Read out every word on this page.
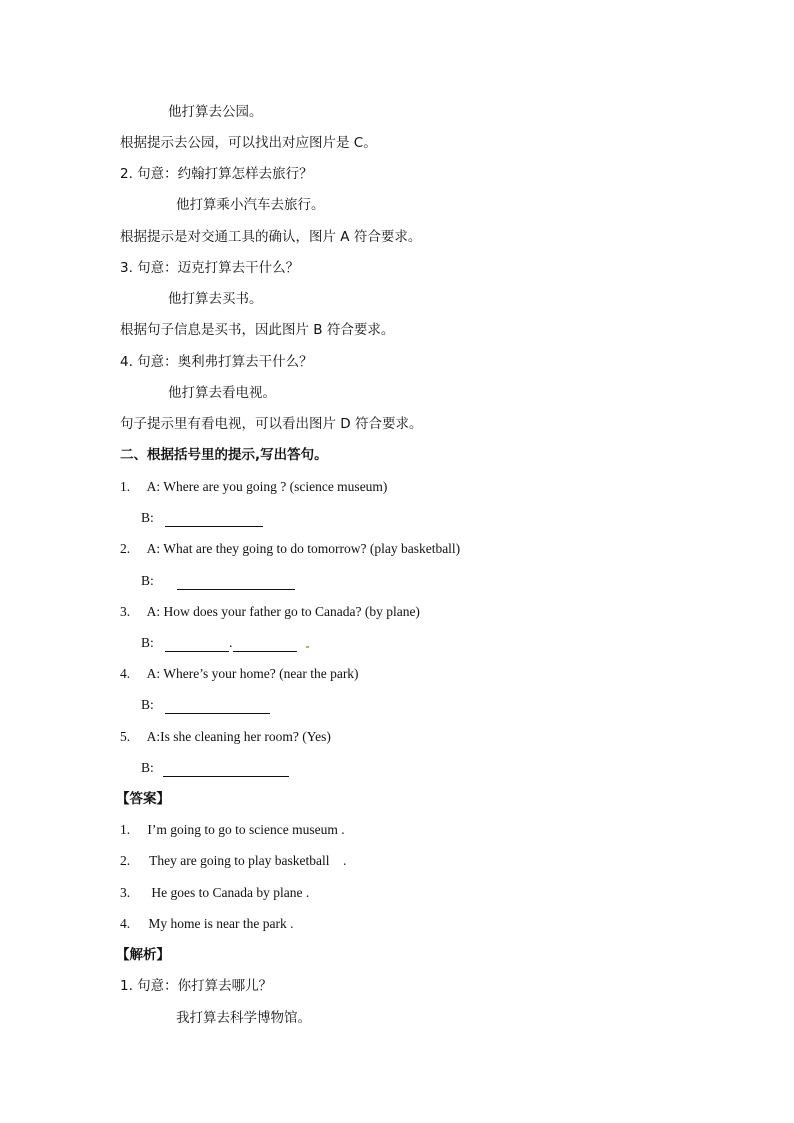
他打算去公园。
根据提示去公园，可以找出对应图片是 C。
2. 句意：约翰打算怎样去旅行？
他打算乘小汽车去旅行。
根据提示是对交通工具的确认，图片 A 符合要求。
3. 句意：迈克打算去干什么？
他打算去买书。
根据句子信息是买书，因此图片 B 符合要求。
4. 句意：奥利弗打算去干什么？
他打算去看电视。
句子提示里有看电视，可以看出图片 D 符合要求。
二、根据括号里的提示,写出答句。
1. A: Where are you going ? (science museum)
B:
2. A: What are they going to do tomorrow? (play basketball)
B:
3. A: How does your father go to Canada? (by plane)
B:	.
4. A: Where’s your home? (near the park)
B:
5. A:Is she cleaning her room? (Yes)
B:
【答案】
1. I’m going to go to science museum .
2. They are going to play basketball    .
3. He goes to Canada by plane .
4. My home is near the park .
【解析】
1. 句意：你打算去哪儿？
我打算去科学博物馆。
